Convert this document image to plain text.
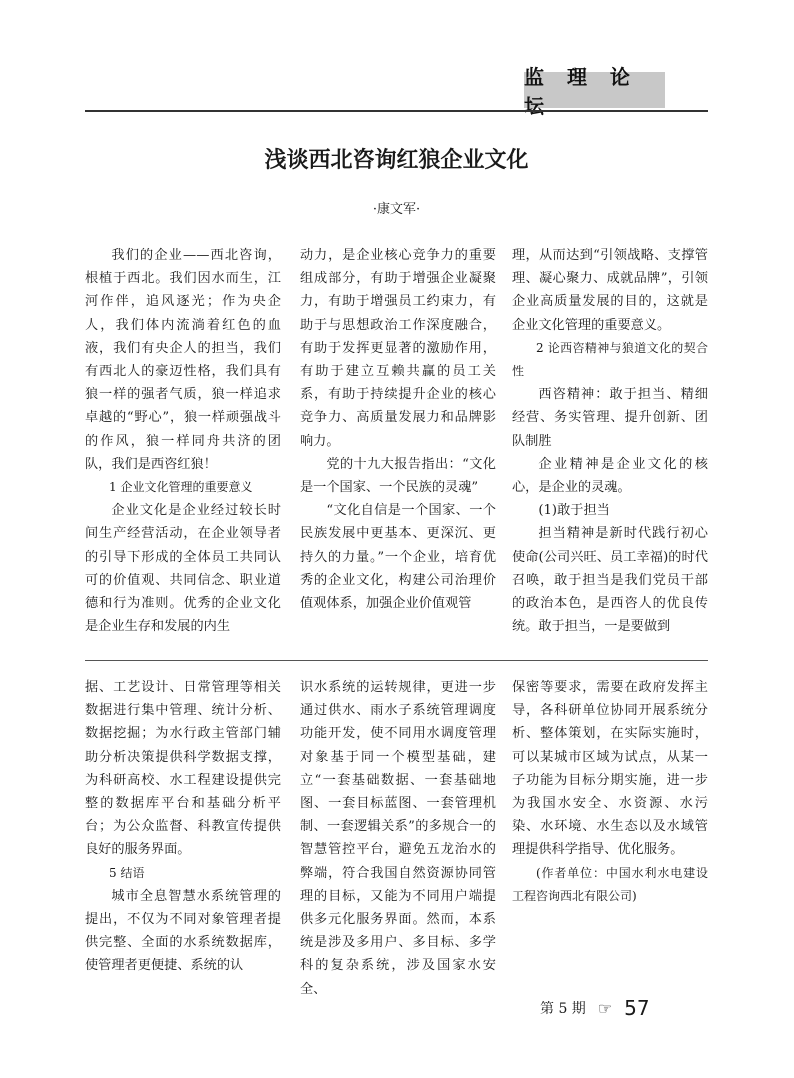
监 理 论 坛
浅谈西北咨询红狼企业文化
·康文军·

我们的企业——西北咨询，根植于西北。我们因水而生，江河作伴，追风逐光；作为央企人，我们体内流淌着红色的血液，我们有央企人的担当，我们有西北人的豪迈性格，我们具有狼一样的强者气质，狼一样追求卓越的“野心”，狼一样顽强战斗的作风，狼一样同舟共济的团队，我们是西咨红狼！

1 企业文化管理的重要意义

企业文化是企业经过较长时间生产经营活动，在企业领导者的引导下形成的全体员工共同认可的价值观、共同信念、职业道德和行为准则。优秀的企业文化是企业生存和发展的内生

动力，是企业核心竞争力的重要组成部分，有助于增强企业凝聚力，有助于增强员工约束力，有助于与思想政治工作深度融合，有助于发挥更显著的激励作用，有助于建立互赖共赢的员工关系，有助于持续提升企业的核心竞争力、高质量发展力和品牌影响力。

党的十九大报告指出：“文化是一个国家、一个民族的灵魂”

“文化自信是一个国家、一个民族发展中更基本、更深沉、更持久的力量。”一个企业，培育优秀的企业文化，构建公司治理价值观体系，加强企业价值观管

理，从而达到“引领战略、支撑管理、凝心聚力、成就品牌”，引领企业高质量发展的目的，这就是企业文化管理的重要意义。

2 论西咨精神与狼道文化的契合性

西咨精神：敢于担当、精细经营、务实管理、提升创新、团队制胜

企业精神是企业文化的核心，是企业的灵魂。

(1)敢于担当

担当精神是新时代践行初心使命(公司兴旺、员工幸福)的时代召唤，敢于担当是我们党员干部的政治本色，是西咨人的优良传统。敢于担当，一是要做到

据、工艺设计、日常管理等相关数据进行集中管理、统计分析、数据挖掘；为水行政主管部门辅助分析决策提供科学数据支撑，为科研高校、水工程建设提供完整的数据库平台和基础分析平台；为公众监督、科教宣传提供良好的服务界面。

5 结语

城市全息智慧水系统管理的提出，不仅为不同对象管理者提供完整、全面的水系统数据库，使管理者更便捷、系统的认

识水系统的运转规律，更进一步通过供水、雨水子系统管理调度功能开发，使不同用水调度管理对象基于同一个模型基础，建立“一套基础数据、一套基础地图、一套目标蓝图、一套管理机制、一套逻辑关系”的多规合一的智慧管控平台，避免五龙治水的弊端，符合我国自然资源协同管理的目标，又能为不同用户端提供多元化服务界面。然而，本系统是涉及多用户、多目标、多学科的复杂系统，涉及国家水安全、

保密等要求，需要在政府发挥主导，各科研单位协同开展系统分析、整体策划，在实际实施时，可以某城市区域为试点，从某一子功能为目标分期实施，进一步为我国水安全、水资源、水污染、水环境、水生态以及水域管理提供科学指导、优化服务。

(作者单位：中国水利水电建设工程咨询西北有限公司)

第 5 期 ☞ 57
